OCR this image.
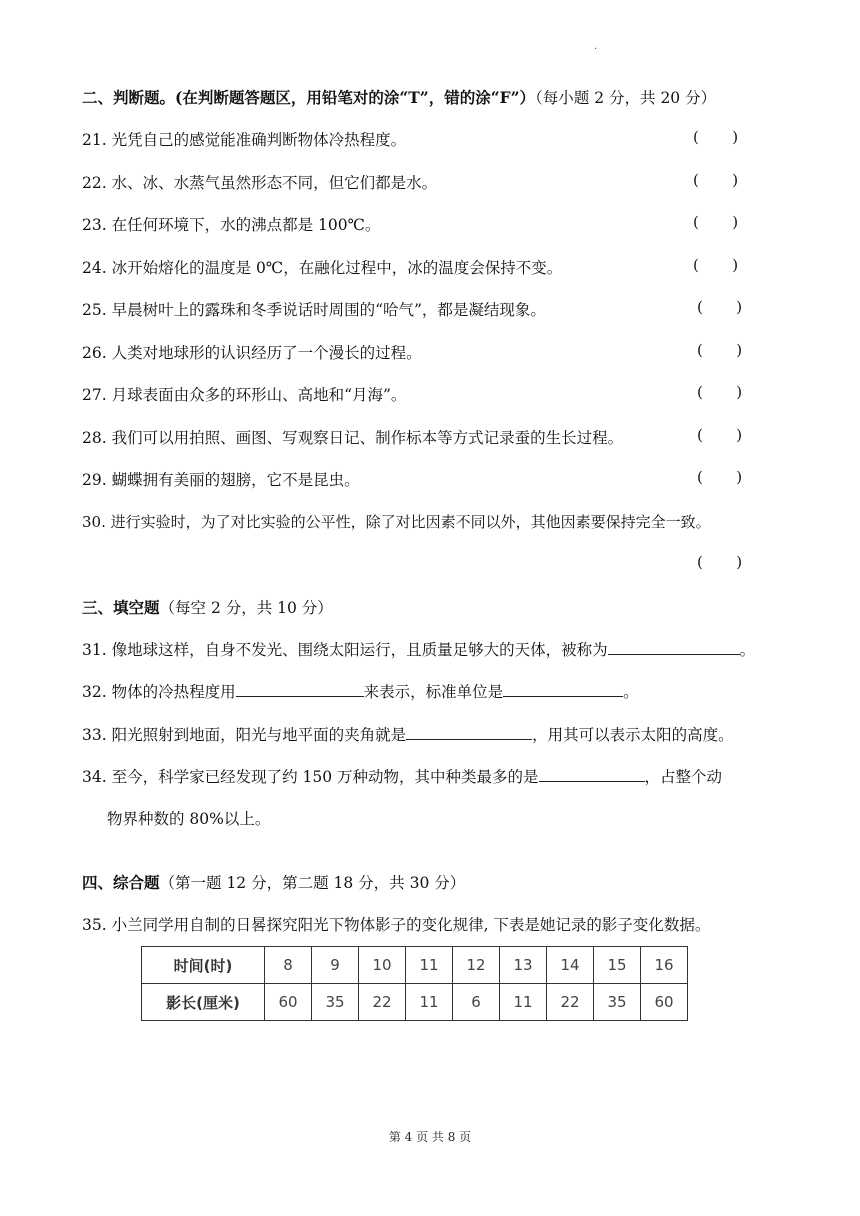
·
二、判断题。(在判断题答题区，用铅笔对的涂“T”，错的涂“F”）（每小题 2 分，共 20 分）
21. 光凭自己的感觉能准确判断物体冷热程度。	(       )
22. 水、冰、水蒸气虽然形态不同，但它们都是水。	(       )
23. 在任何环境下，水的沸点都是 100℃。	(       )
24. 冰开始熔化的温度是 0℃，在融化过程中，冰的温度会保持不变。	(       )
25. 早晨树叶上的露珠和冬季说话时周围的“哈气”，都是凝结现象。	(       )
26. 人类对地球形的认识经历了一个漫长的过程。	(       )
27. 月球表面由众多的环形山、高地和“月海”。	(       )
28. 我们可以用拍照、画图、写观察日记、制作标本等方式记录蚕的生长过程。	(       )
29. 蝴蝶拥有美丽的翅膀，它不是昆虫。	(       )
30. 进行实验时，为了对比实验的公平性，除了对比因素不同以外，其他因素要保持完全一致。
(       )
三、填空题（每空 2 分，共 10 分）
31. 像地球这样，自身不发光、围绕太阳运行，且质量足够大的天体，被称为	。
32. 物体的冷热程度用	来表示，标准单位是	。
33. 阳光照射到地面，阳光与地平面的夹角就是	，用其可以表示太阳的高度。
34. 至今，科学家已经发现了约 150 万种动物，其中种类最多的是	，占整个动
物界种数的 80%以上。
四、综合题（第一题 12 分，第二题 18 分，共 30 分）
35. 小兰同学用自制的日晷探究阳光下物体影子的变化规律, 下表是她记录的影子变化数据。
时间(时)	8	9	10	11	12	13	14	15	16
影长(厘米)	60	35	22	11	6	11	22	35	60
第 4 页 共 8 页
